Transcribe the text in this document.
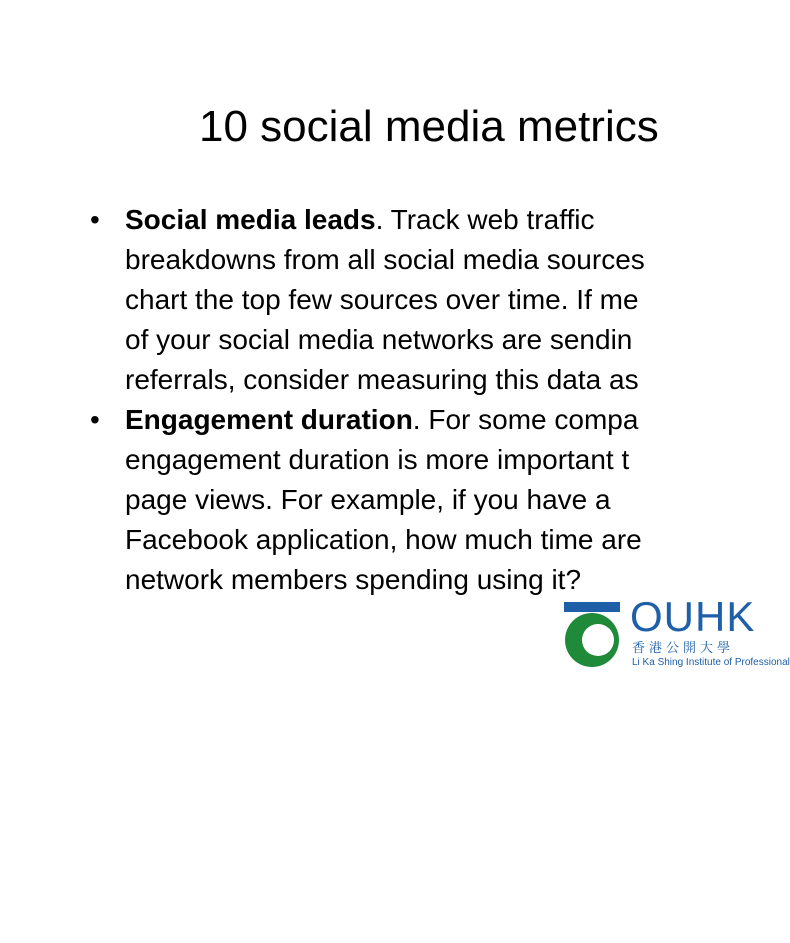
10 social media metrics
• Social media leads. Track web traffic
breakdowns from all social media sources
chart the top few sources over time. If me
of your social media networks are sendin
referrals, consider measuring this data as
• Engagement duration. For some compa
engagement duration is more important t
page views. For example, if you have a
Facebook application, how much time are
network members spending using it?
OUHK
香港公開大學
Li Ka Shing Institute of Professional
